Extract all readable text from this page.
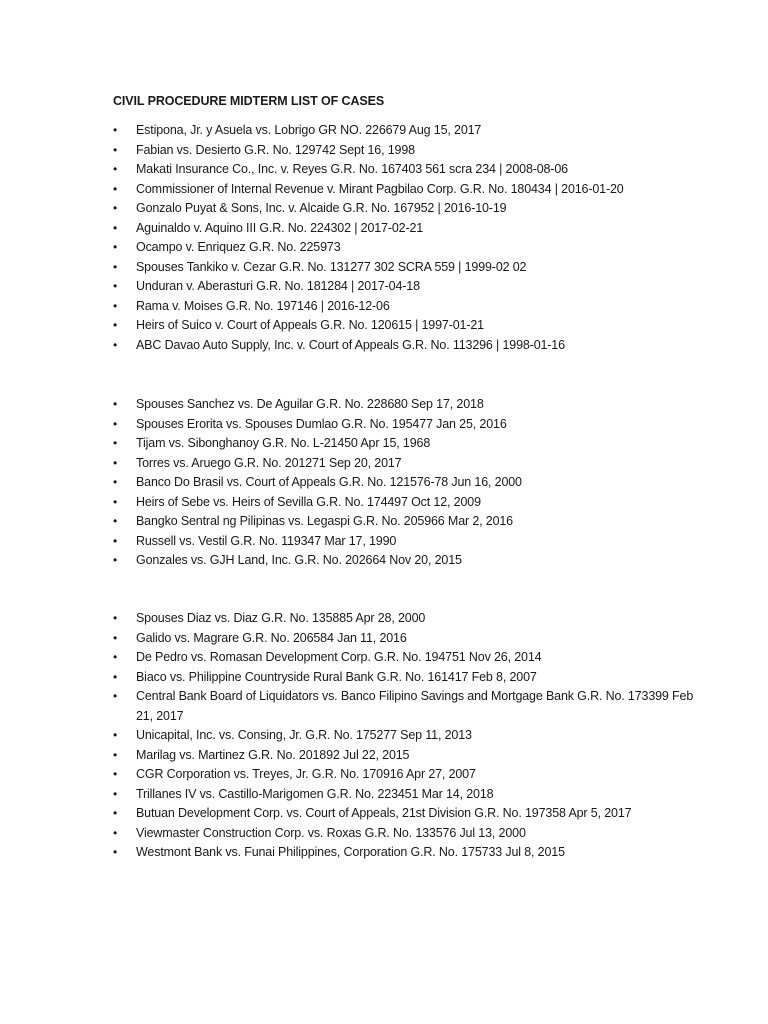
CIVIL PROCEDURE MIDTERM LIST OF CASES
• Estipona, Jr. y Asuela vs. Lobrigo GR NO. 226679 Aug 15, 2017
• Fabian vs. Desierto G.R. No. 129742 Sept 16, 1998
• Makati Insurance Co., Inc. v. Reyes G.R. No. 167403 561 scra 234 | 2008-08-06
• Commissioner of Internal Revenue v. Mirant Pagbilao Corp. G.R. No. 180434 | 2016-01-20
• Gonzalo Puyat & Sons, Inc. v. Alcaide G.R. No. 167952 | 2016-10-19
• Aguinaldo v. Aquino III G.R. No. 224302 | 2017-02-21
• Ocampo v. Enriquez G.R. No. 225973
• Spouses Tankiko v. Cezar G.R. No. 131277 302 SCRA 559 | 1999-02 02
• Unduran v. Aberasturi G.R. No. 181284 | 2017-04-18
• Rama v. Moises G.R. No. 197146 | 2016-12-06
• Heirs of Suico v. Court of Appeals G.R. No. 120615 | 1997-01-21
• ABC Davao Auto Supply, Inc. v. Court of Appeals G.R. No. 113296 | 1998-01-16
• Spouses Sanchez vs. De Aguilar G.R. No. 228680 Sep 17, 2018
• Spouses Erorita vs. Spouses Dumlao G.R. No. 195477 Jan 25, 2016
• Tijam vs. Sibonghanoy G.R. No. L-21450 Apr 15, 1968
• Torres vs. Aruego G.R. No. 201271 Sep 20, 2017
• Banco Do Brasil vs. Court of Appeals G.R. No. 121576-78 Jun 16, 2000
• Heirs of Sebe vs. Heirs of Sevilla G.R. No. 174497 Oct 12, 2009
• Bangko Sentral ng Pilipinas vs. Legaspi G.R. No. 205966 Mar 2, 2016
• Russell vs. Vestil G.R. No. 119347 Mar 17, 1990
• Gonzales vs. GJH Land, Inc. G.R. No. 202664 Nov 20, 2015
• Spouses Diaz vs. Diaz G.R. No. 135885 Apr 28, 2000
• Galido vs. Magrare G.R. No. 206584 Jan 11, 2016
• De Pedro vs. Romasan Development Corp. G.R. No. 194751 Nov 26, 2014
• Biaco vs. Philippine Countryside Rural Bank G.R. No. 161417 Feb 8, 2007
• Central Bank Board of Liquidators vs. Banco Filipino Savings and Mortgage Bank G.R. No. 173399 Feb 21, 2017
• Unicapital, Inc. vs. Consing, Jr. G.R. No. 175277 Sep 11, 2013
• Marilag vs. Martinez G.R. No. 201892 Jul 22, 2015
• CGR Corporation vs. Treyes, Jr. G.R. No. 170916 Apr 27, 2007
• Trillanes IV vs. Castillo-Marigomen G.R. No. 223451 Mar 14, 2018
• Butuan Development Corp. vs. Court of Appeals, 21st Division G.R. No. 197358 Apr 5, 2017
• Viewmaster Construction Corp. vs. Roxas G.R. No. 133576 Jul 13, 2000
• Westmont Bank vs. Funai Philippines, Corporation G.R. No. 175733 Jul 8, 2015
